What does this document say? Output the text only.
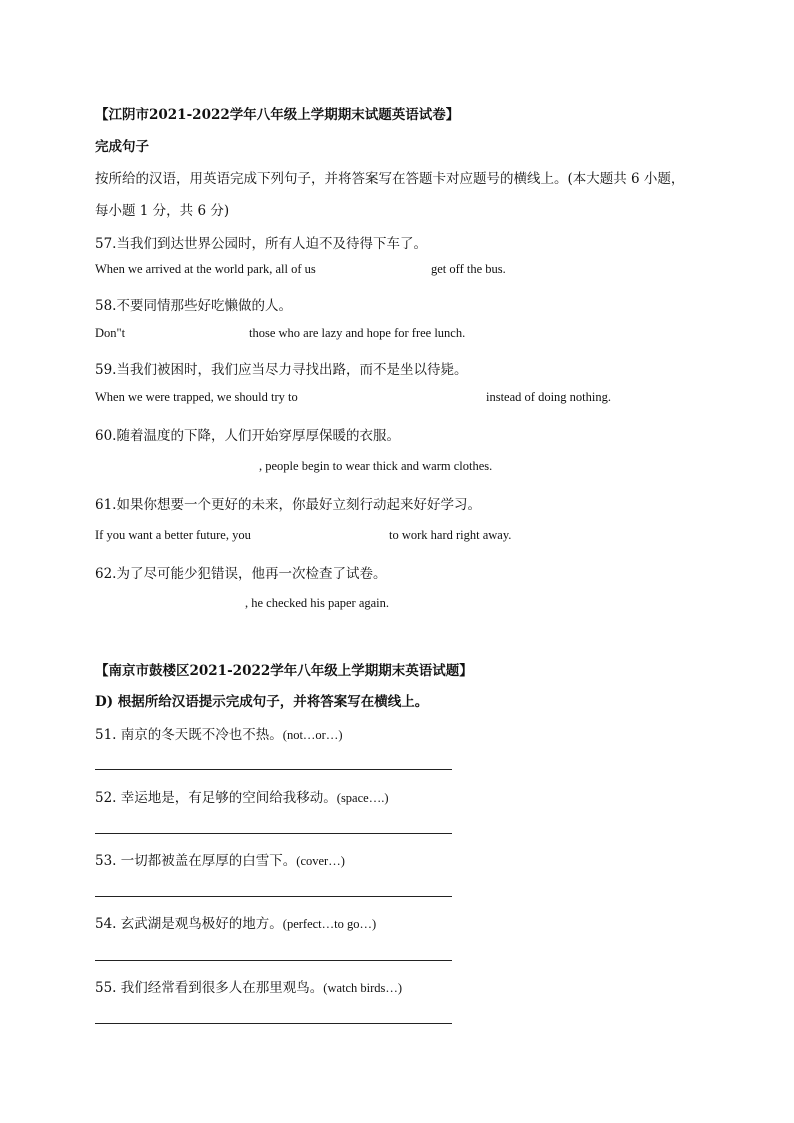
【江阴市2021-2022学年八年级上学期期末试题英语试卷】
完成句子
按所给的汉语，用英语完成下列句子，并将答案写在答题卡对应题号的横线上。(本大题共 6 小题，
每小题 1 分，共 6 分)
57.当我们到达世界公园时，所有人迫不及待得下车了。
When we arrived at the world park, all of us	get off the bus.
58.不要同情那些好吃懒做的人。
Don"t	those who are lazy and hope for free lunch.
59.当我们被困时，我们应当尽力寻找出路，而不是坐以待毙。
When we were trapped, we should try to	instead of doing nothing.
60.随着温度的下降，人们开始穿厚厚保暖的衣服。
, people begin to wear thick and warm clothes.
61.如果你想要一个更好的未来，你最好立刻行动起来好好学习。
If you want a better future, you	to work hard right away.
62.为了尽可能少犯错误，他再一次检查了试卷。
, he checked his paper again.
【南京市鼓楼区2021-2022学年八年级上学期期末英语试题】
D) 根据所给汉语提示完成句子，并将答案写在横线上。
51. 南京的冬天既不冷也不热。(not…or…)
52. 幸运地是，有足够的空间给我移动。(space….)
53. 一切都被盖在厚厚的白雪下。(cover…)
54. 玄武湖是观鸟极好的地方。(perfect…to go…)
55. 我们经常看到很多人在那里观鸟。(watch birds…)
